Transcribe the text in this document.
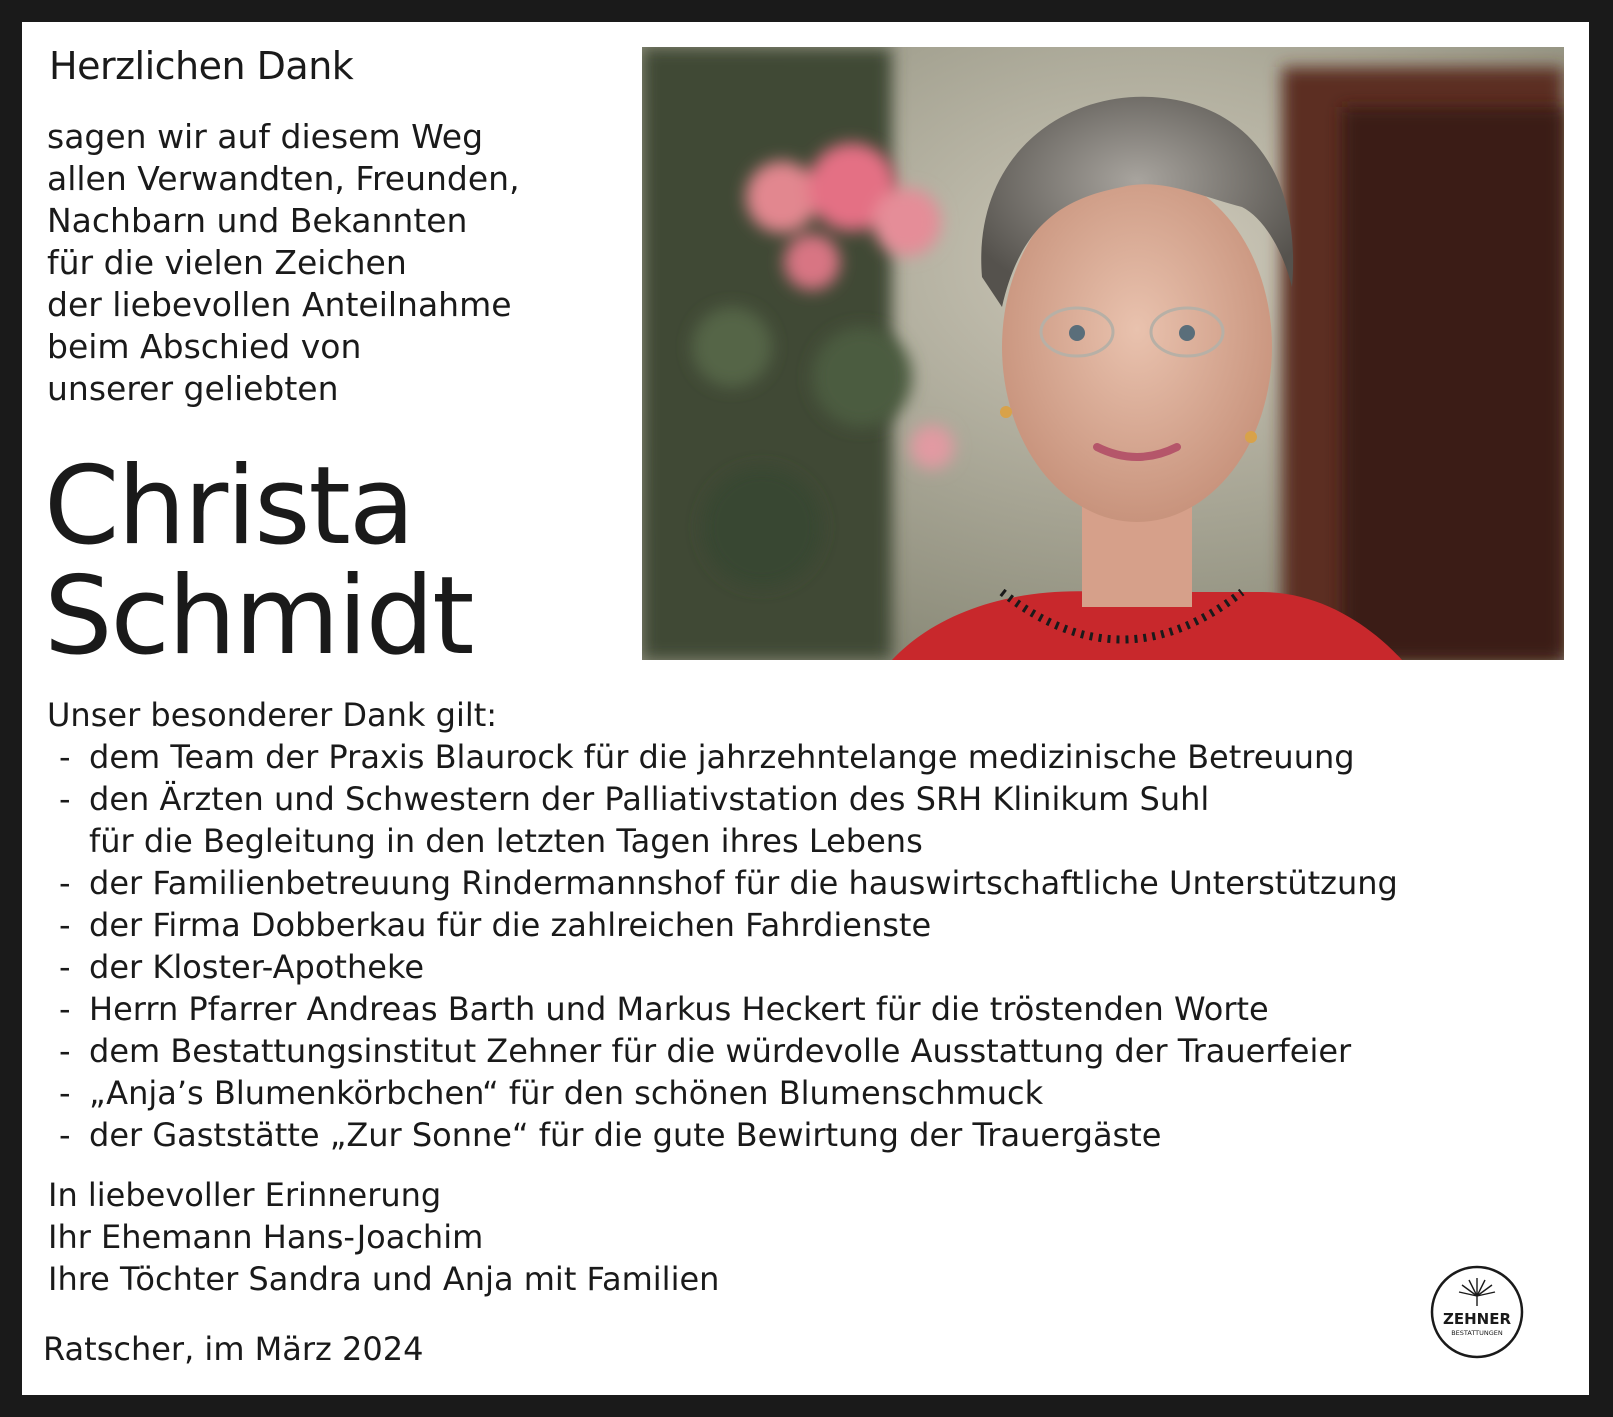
Herzlichen Dank
sagen wir auf diesem Weg
allen Verwandten, Freunden,
Nachbarn und Bekannten
für die vielen Zeichen
der liebevollen Anteilnahme
beim Abschied von
unserer geliebten
Christa
Schmidt
Unser besonderer Dank gilt:
- dem Team der Praxis Blaurock für die jahrzehntelange medizinische Betreuung
- den Ärzten und Schwestern der Palliativstation des SRH Klinikum Suhl
für die Begleitung in den letzten Tagen ihres Lebens
- der Familienbetreuung Rindermannshof für die hauswirtschaftliche Unterstützung
- der Firma Dobberkau für die zahlreichen Fahrdienste
- der Kloster-Apotheke
- Herrn Pfarrer Andreas Barth und Markus Heckert für die tröstenden Worte
- dem Bestattungsinstitut Zehner für die würdevolle Ausstattung der Trauerfeier
- „Anja’s Blumenkörbchen“ für den schönen Blumenschmuck
- der Gaststätte „Zur Sonne“ für die gute Bewirtung der Trauergäste
In liebevoller Erinnerung
Ihr Ehemann Hans-Joachim
Ihre Töchter Sandra und Anja mit Familien
Ratscher, im März 2024
ZEHNER
BESTATTUNGEN
